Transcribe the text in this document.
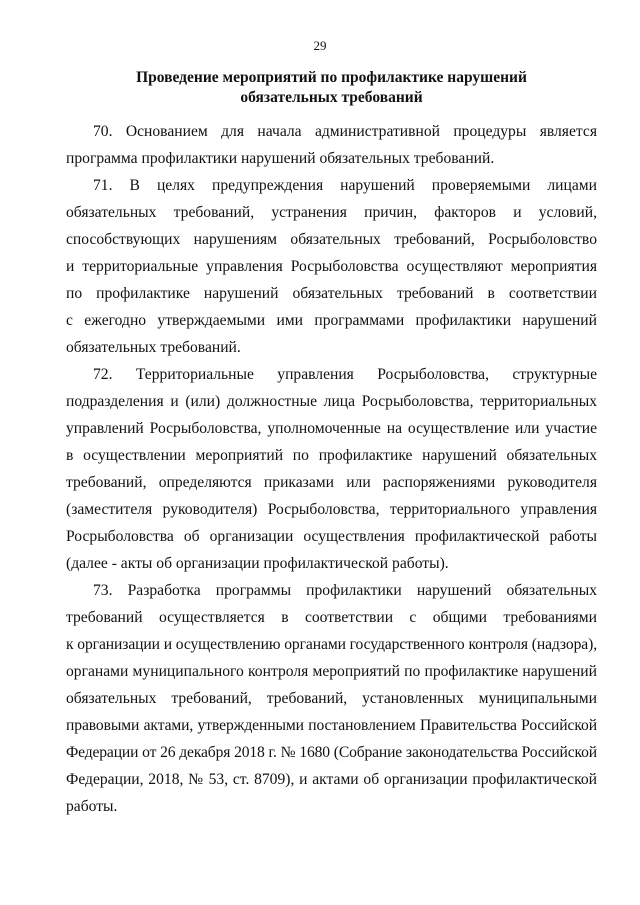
29
Проведение мероприятий по профилактике нарушений
обязательных требований
70. Основанием для начала административной процедуры является
программа профилактики нарушений обязательных требований.
71. В целях предупреждения нарушений проверяемыми лицами
обязательных требований, устранения причин, факторов и условий,
способствующих нарушениям обязательных требований, Росрыболовство
и территориальные управления Росрыболовства осуществляют мероприятия
по профилактике нарушений обязательных требований в соответствии
с ежегодно утверждаемыми ими программами профилактики нарушений
обязательных требований.
72. Территориальные управления Росрыболовства, структурные
подразделения и (или) должностные лица Росрыболовства, территориальных
управлений Росрыболовства, уполномоченные на осуществление или участие
в осуществлении мероприятий по профилактике нарушений обязательных
требований, определяются приказами или распоряжениями руководителя
(заместителя руководителя) Росрыболовства, территориального управления
Росрыболовства об организации осуществления профилактической работы
(далее - акты об организации профилактической работы).
73. Разработка программы профилактики нарушений обязательных
требований осуществляется в соответствии с общими требованиями
к организации и осуществлению органами государственного контроля (надзора),
органами муниципального контроля мероприятий по профилактике нарушений
обязательных требований, требований, установленных муниципальными
правовыми актами, утвержденными постановлением Правительства Российской
Федерации от 26 декабря 2018 г. № 1680 (Собрание законодательства Российской
Федерации, 2018, № 53, ст. 8709), и актами об организации профилактической
работы.
